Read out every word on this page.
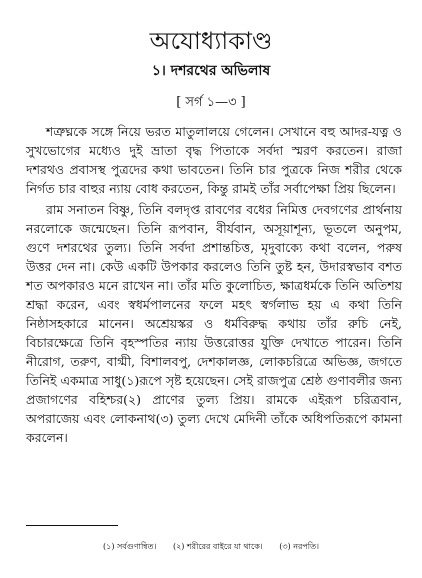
অযোধ্যাকাণ্ড
১। দশরথের অভিলাষ
[ সর্গ ১—৩ ]

শত্রুঘ্নকে সঙ্গে নিয়ে ভরত মাতুলালয়ে গেলেন। সেখানে বহু আদর-যত্ন ও সুখভোগের মধ্যেও দুই ভ্রাতা বৃদ্ধ পিতাকে সর্বদা স্মরণ করতেন। রাজা দশরথও প্রবাসস্থ পুত্রদের কথা ভাবতেন। তিনি চার পুত্রকে নিজ শরীর থেকে নির্গত চার বাহুর ন্যায় বোধ করতেন, কিন্তু রামই তাঁর সর্বাপেক্ষা প্রিয় ছিলেন।

রাম সনাতন বিষ্ণু, তিনি বলদৃপ্ত রাবণের বধের নিমিত্ত দেবগণের প্রার্থনায় নরলোকে জন্মেছেন। তিনি রূপবান, বীর্যবান, অসূয়াশূন্য, ভূতলে অনুপম, গুণে দশরথের তুল্য। তিনি সর্বদা প্রশান্তচিত্ত, মৃদুবাক্যে কথা বলেন, পরুষ উত্তর দেন না। কেউ একটি উপকার করলেও তিনি তুষ্ট হন, উদারস্বভাব বশত শত অপকারও মনে রাখেন না। তাঁর মতি কুলোচিত, ক্ষাত্রধর্মকে তিনি অতিশয় শ্রদ্ধা করেন, এবং স্বধর্মপালনের ফলে মহৎ স্বর্গলাভ হয় এ কথা তিনি নিষ্ঠাসহকারে মানেন। অশ্রেয়স্কর ও ধর্মবিরুদ্ধ কথায় তাঁর রুচি নেই, বিচারক্ষেত্রে তিনি বৃহস্পতির ন্যায় উত্তরোত্তর যুক্তি দেখাতে পারেন। তিনি নীরোগ, তরুণ, বাগ্মী, বিশালবপু, দেশকালজ্ঞ, লোকচরিত্রে অভিজ্ঞ, জগতে তিনিই একমাত্র সাধু(১)রূপে সৃষ্ট হয়েছেন। সেই রাজপুত্র শ্রেষ্ঠ গুণাবলীর জন্য প্রজাগণের বহিশ্চর(২) প্রাণের তুল্য প্রিয়। রামকে এইরূপ চরিত্রবান, অপরাজেয় এবং লোকনাথ(৩) তুল্য দেখে মেদিনী তাঁকে অধিপতিরূপে কামনা করলেন।

(১) সর্বগুণান্বিত। (২) শরীরের বাইরে যা থাকে। (৩) নরপতি।
